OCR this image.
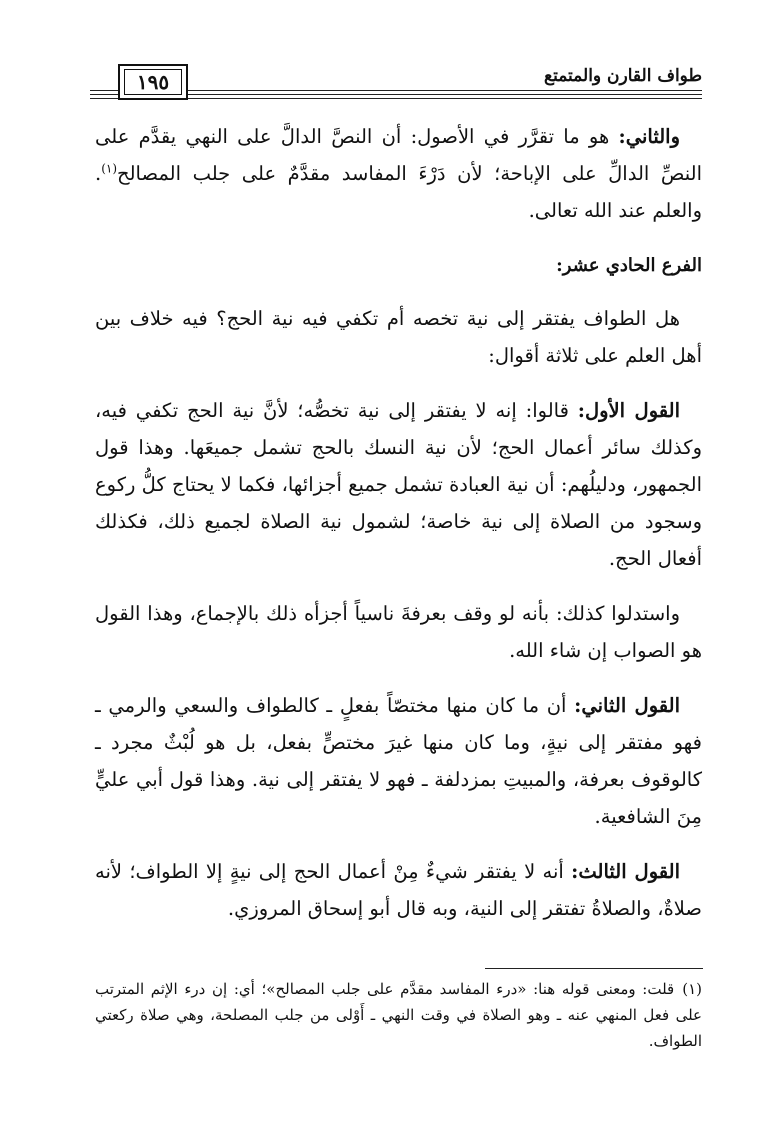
طواف القارن والمتمتع
١٩٥

والثاني: هو ما تقرَّر في الأصول: أن النصَّ الدالَّ على النهي يقدَّم على النصِّ الدالِّ على الإباحة؛ لأن دَرْءَ المفاسد مقدَّمٌ على جلب المصالح$^{(١)}$. والعلم عند الله تعالى.

الفرع الحادي عشر:

هل الطواف يفتقر إلى نية تخصه أم تكفي فيه نية الحج؟ فيه خلاف بين أهل العلم على ثلاثة أقوال:

القول الأول: قالوا: إنه لا يفتقر إلى نية تخصُّه؛ لأنَّ نية الحج تكفي فيه، وكذلك سائر أعمال الحج؛ لأن نية النسك بالحج تشمل جميعَها. وهذا قول الجمهور، ودليلُهم: أن نية العبادة تشمل جميع أجزائها، فكما لا يحتاج كلُّ ركوع وسجود من الصلاة إلى نية خاصة؛ لشمول نية الصلاة لجميع ذلك، فكذلك أفعال الحج.

واستدلوا كذلك: بأنه لو وقف بعرفةَ ناسياً أجزأه ذلك بالإجماع، وهذا القول هو الصواب إن شاء الله.

القول الثاني: أن ما كان منها مختصّاً بفعلٍ ـ كالطواف والسعي والرمي ـ فهو مفتقر إلى نيةٍ، وما كان منها غيرَ مختصٍّ بفعل، بل هو لُبْثٌ مجرد ـ كالوقوف بعرفة، والمبيتِ بمزدلفة ـ فهو لا يفتقر إلى نية. وهذا قول أبي عليٍّ مِنَ الشافعية.

القول الثالث: أنه لا يفتقر شيءٌ مِنْ أعمال الحج إلى نيةٍ إلا الطواف؛ لأنه صلاةٌ، والصلاةُ تفتقر إلى النية، وبه قال أبو إسحاق المروزي.

(١)قلت: ومعنى قوله هنا: «درء المفاسد مقدَّم على جلب المصالح»؛ أي: إن درء الإثم المترتب على فعل المنهي عنه ـ وهو الصلاة في وقت النهي ـ أَوْلى من جلب المصلحة، وهي صلاة ركعتي الطواف.
